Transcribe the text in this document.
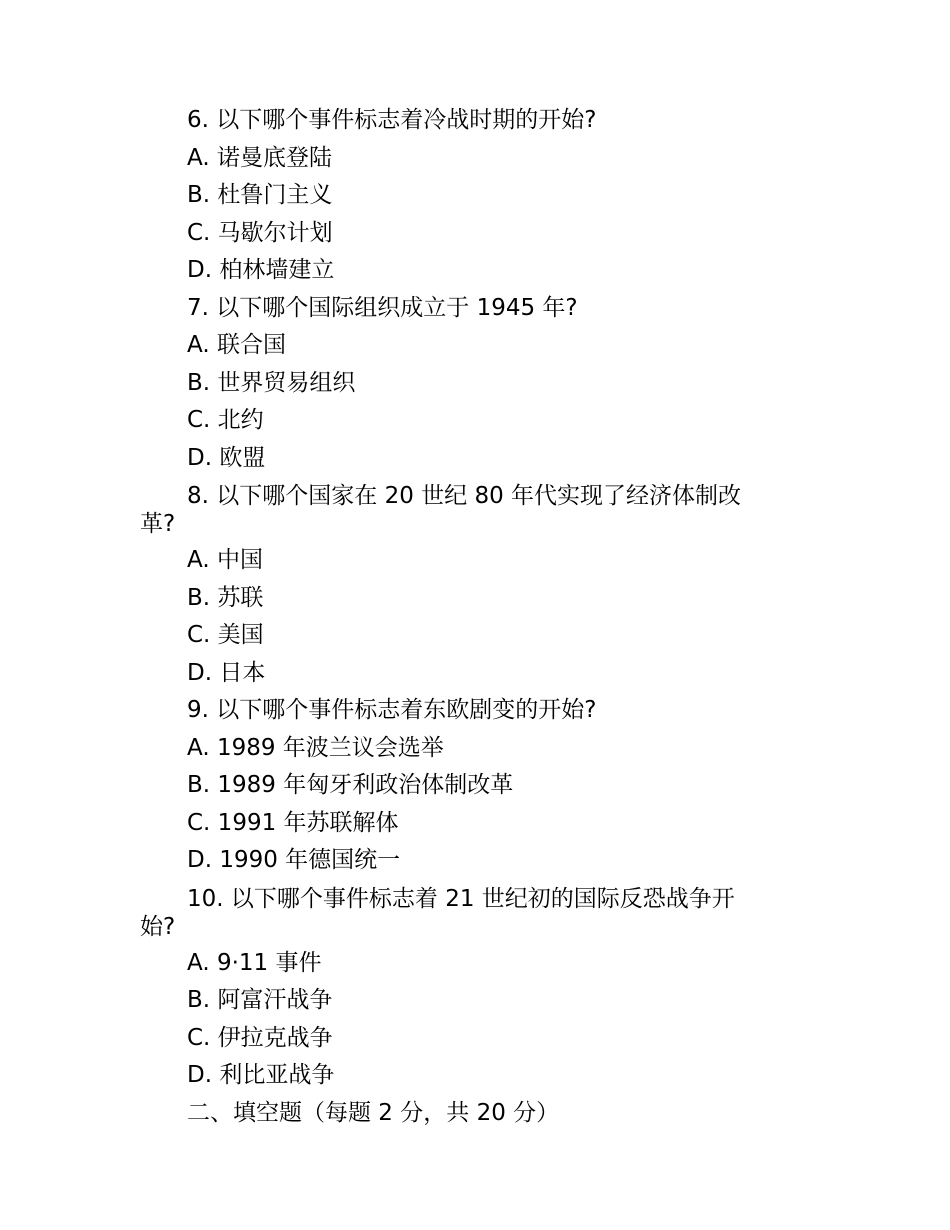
6. 以下哪个事件标志着冷战时期的开始?

A. 诺曼底登陆

B. 杜鲁门主义

C. 马歇尔计划

D. 柏林墙建立

7. 以下哪个国际组织成立于 1945 年?

A. 联合国

B. 世界贸易组织

C. 北约

D. 欧盟

8. 以下哪个国家在 20 世纪 80 年代实现了经济体制改
革?

A. 中国

B. 苏联

C. 美国

D. 日本

9. 以下哪个事件标志着东欧剧变的开始?

A. 1989 年波兰议会选举

B. 1989 年匈牙利政治体制改革

C. 1991 年苏联解体

D. 1990 年德国统一

10. 以下哪个事件标志着 21 世纪初的国际反恐战争开
始?

A. 9·11 事件

B. 阿富汗战争

C. 伊拉克战争

D. 利比亚战争

二、填空题（每题 2 分，共 20 分）
